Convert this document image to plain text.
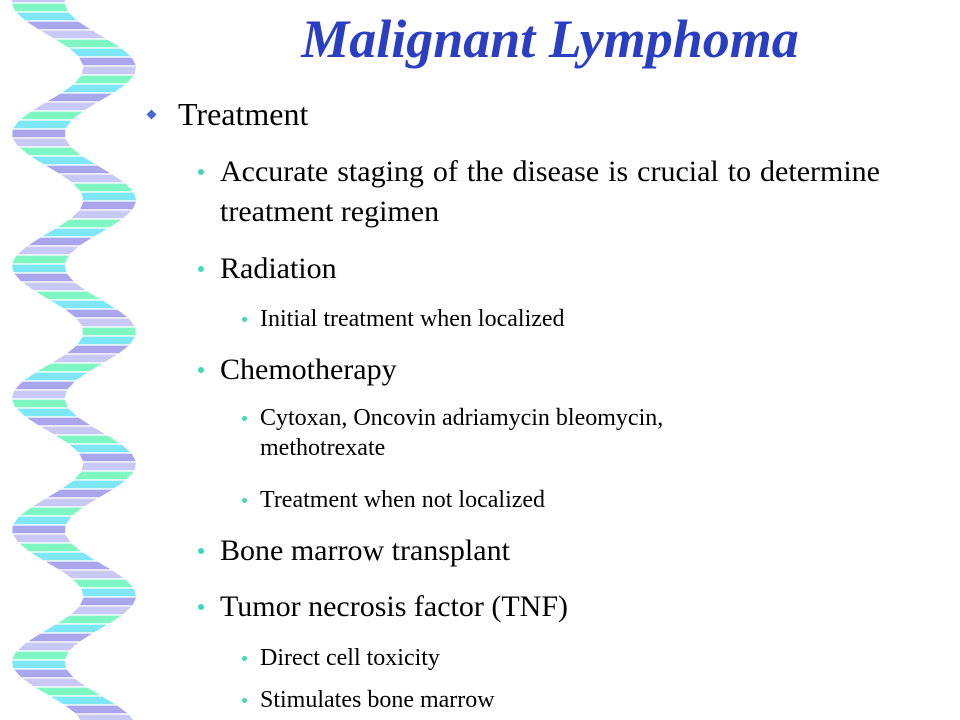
Malignant Lymphoma

Treatment

Accurate staging of the disease is crucial to determine treatment regimen

Radiation

Initial treatment when localized

Chemotherapy

Cytoxan, Oncovin adriamycin bleomycin, methotrexate

Treatment when not localized

Bone marrow transplant

Tumor necrosis factor (TNF)

Direct cell toxicity

Stimulates bone marrow
